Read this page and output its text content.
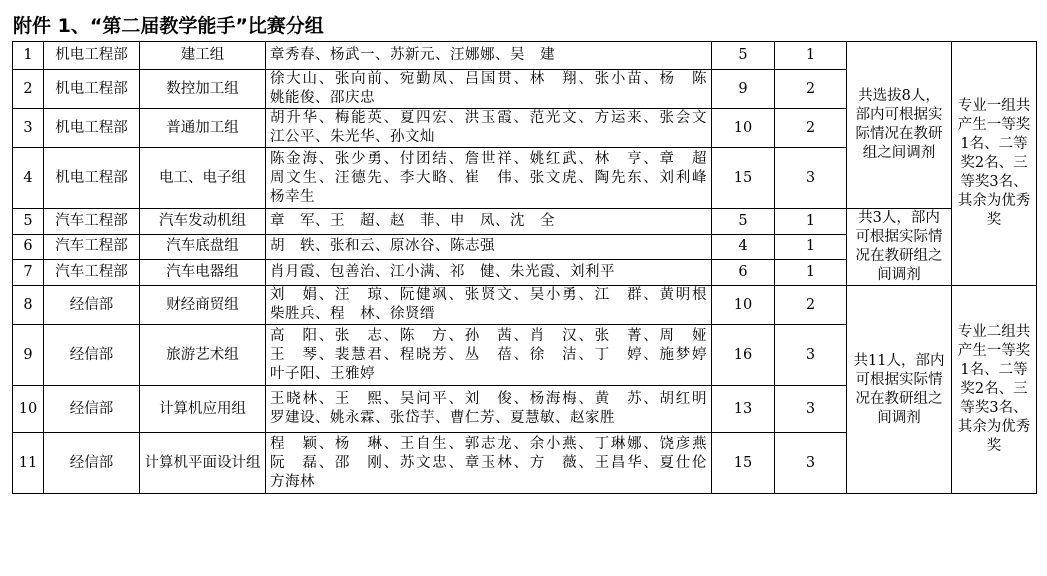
附件 1、“第二届教学能手”比赛分组
1	机电工程部	建工组	章秀春、杨武一、苏新元、汪娜娜、吴　建	5	1	共选拔8人，部内可根据实际情况在教研组之间调剂	专业一组共产生一等奖1名、二等奖2名、三等奖3名、其余为优秀奖
2	机电工程部	数控加工组	徐大山、张向前、宛勤凤、吕国贯、林　翔、张小苗、杨　陈
姚能俊、邵庆忠	9	2		
3	机电工程部	普通加工组	胡升华、梅能英、夏四宏、洪玉霞、范光文、方运来、张会文
江公平、朱光华、孙文灿	10	2		
4	机电工程部	电工、电子组	陈金海、张少勇、付团结、詹世祥、姚红武、林　亨、章　超
周文生、汪德先、李大略、崔　伟、张文虎、陶先东、刘利峰
杨幸生	15	3		
5	汽车工程部	汽车发动机组	章　军、王　超、赵　菲、申　凤、沈　全	5	1	共3人，部内可根据实际情况在教研组之间调剂	
6	汽车工程部	汽车底盘组	胡　轶、张和云、原冰谷、陈志强	4	1		
7	汽车工程部	汽车电器组	肖月霞、包善治、江小满、祁　健、朱光霞、刘利平	6	1		
8	经信部	财经商贸组	刘　娟、汪　琼、阮健飒、张贤文、吴小勇、江　群、黄明根
柴胜兵、程　林、徐贤缙	10	2	共11人，部内可根据实际情况在教研组之间调剂	专业二组共产生一等奖1名、二等奖2名、三等奖3名、其余为优秀奖
9	经信部	旅游艺术组	高　阳、张　志、陈　方、孙　茜、肖　汉、张　菁、周　娅
王　琴、裴慧君、程晓芳、丛　蓓、徐　洁、丁　婷、施梦婷
叶子阳、王雅婷	16	3		
10	经信部	计算机应用组	王晓林、王　熙、吴问平、刘　俊、杨海梅、黄　苏、胡红明
罗建设、姚永霖、张岱芋、曹仁芳、夏慧敏、赵家胜	13	3		
11	经信部	计算机平面设计组	程　颖、杨　琳、王自生、郭志龙、余小燕、丁琳娜、饶彦燕
阮　磊、邵　刚、苏文忠、章玉林、方　薇、王昌华、夏仕伦
方海林	15	3		
